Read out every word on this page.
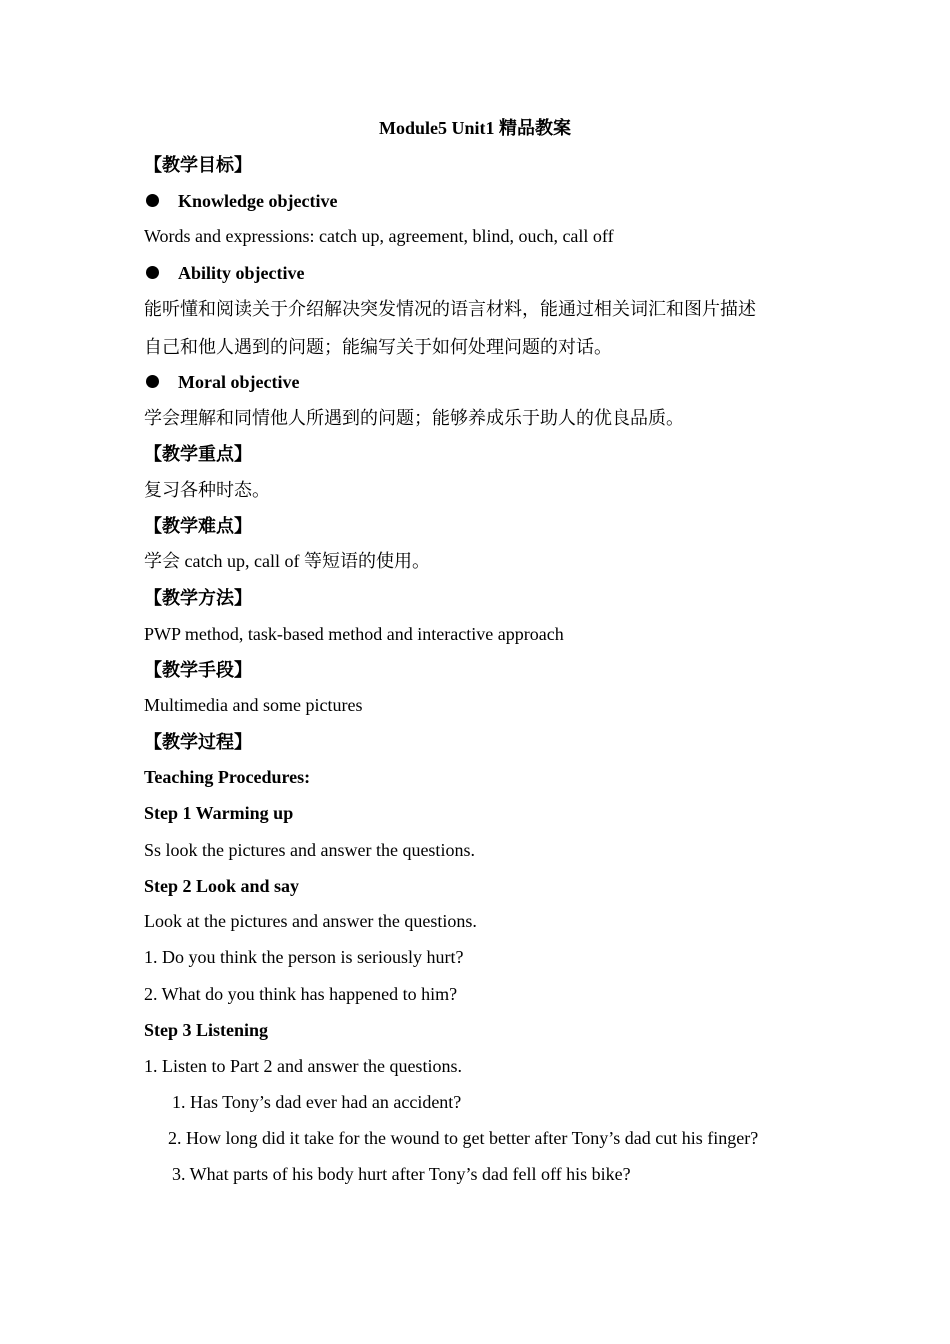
Module5 Unit1 精品教案
【教学目标】
Knowledge objective
Words and expressions: catch up, agreement, blind, ouch, call off
Ability objective
能听懂和阅读关于介绍解决突发情况的语言材料，能通过相关词汇和图片描述
自己和他人遇到的问题；能编写关于如何处理问题的对话。
Moral objective
学会理解和同情他人所遇到的问题；能够养成乐于助人的优良品质。
【教学重点】
复习各种时态。
【教学难点】
学会 catch up, call of 等短语的使用。
【教学方法】
PWP method, task-based method and interactive approach
【教学手段】
Multimedia and some pictures
【教学过程】
Teaching Procedures:
Step 1 Warming up
Ss look the pictures and answer the questions.
Step 2 Look and say
Look at the pictures and answer the questions.
1. Do you think the person is seriously hurt?
2. What do you think has happened to him?
Step 3 Listening
1. Listen to Part 2 and answer the questions.
1. Has Tony’s dad ever had an accident?
2. How long did it take for the wound to get better after Tony’s dad cut his finger?
3. What parts of his body hurt after Tony’s dad fell off his bike?
